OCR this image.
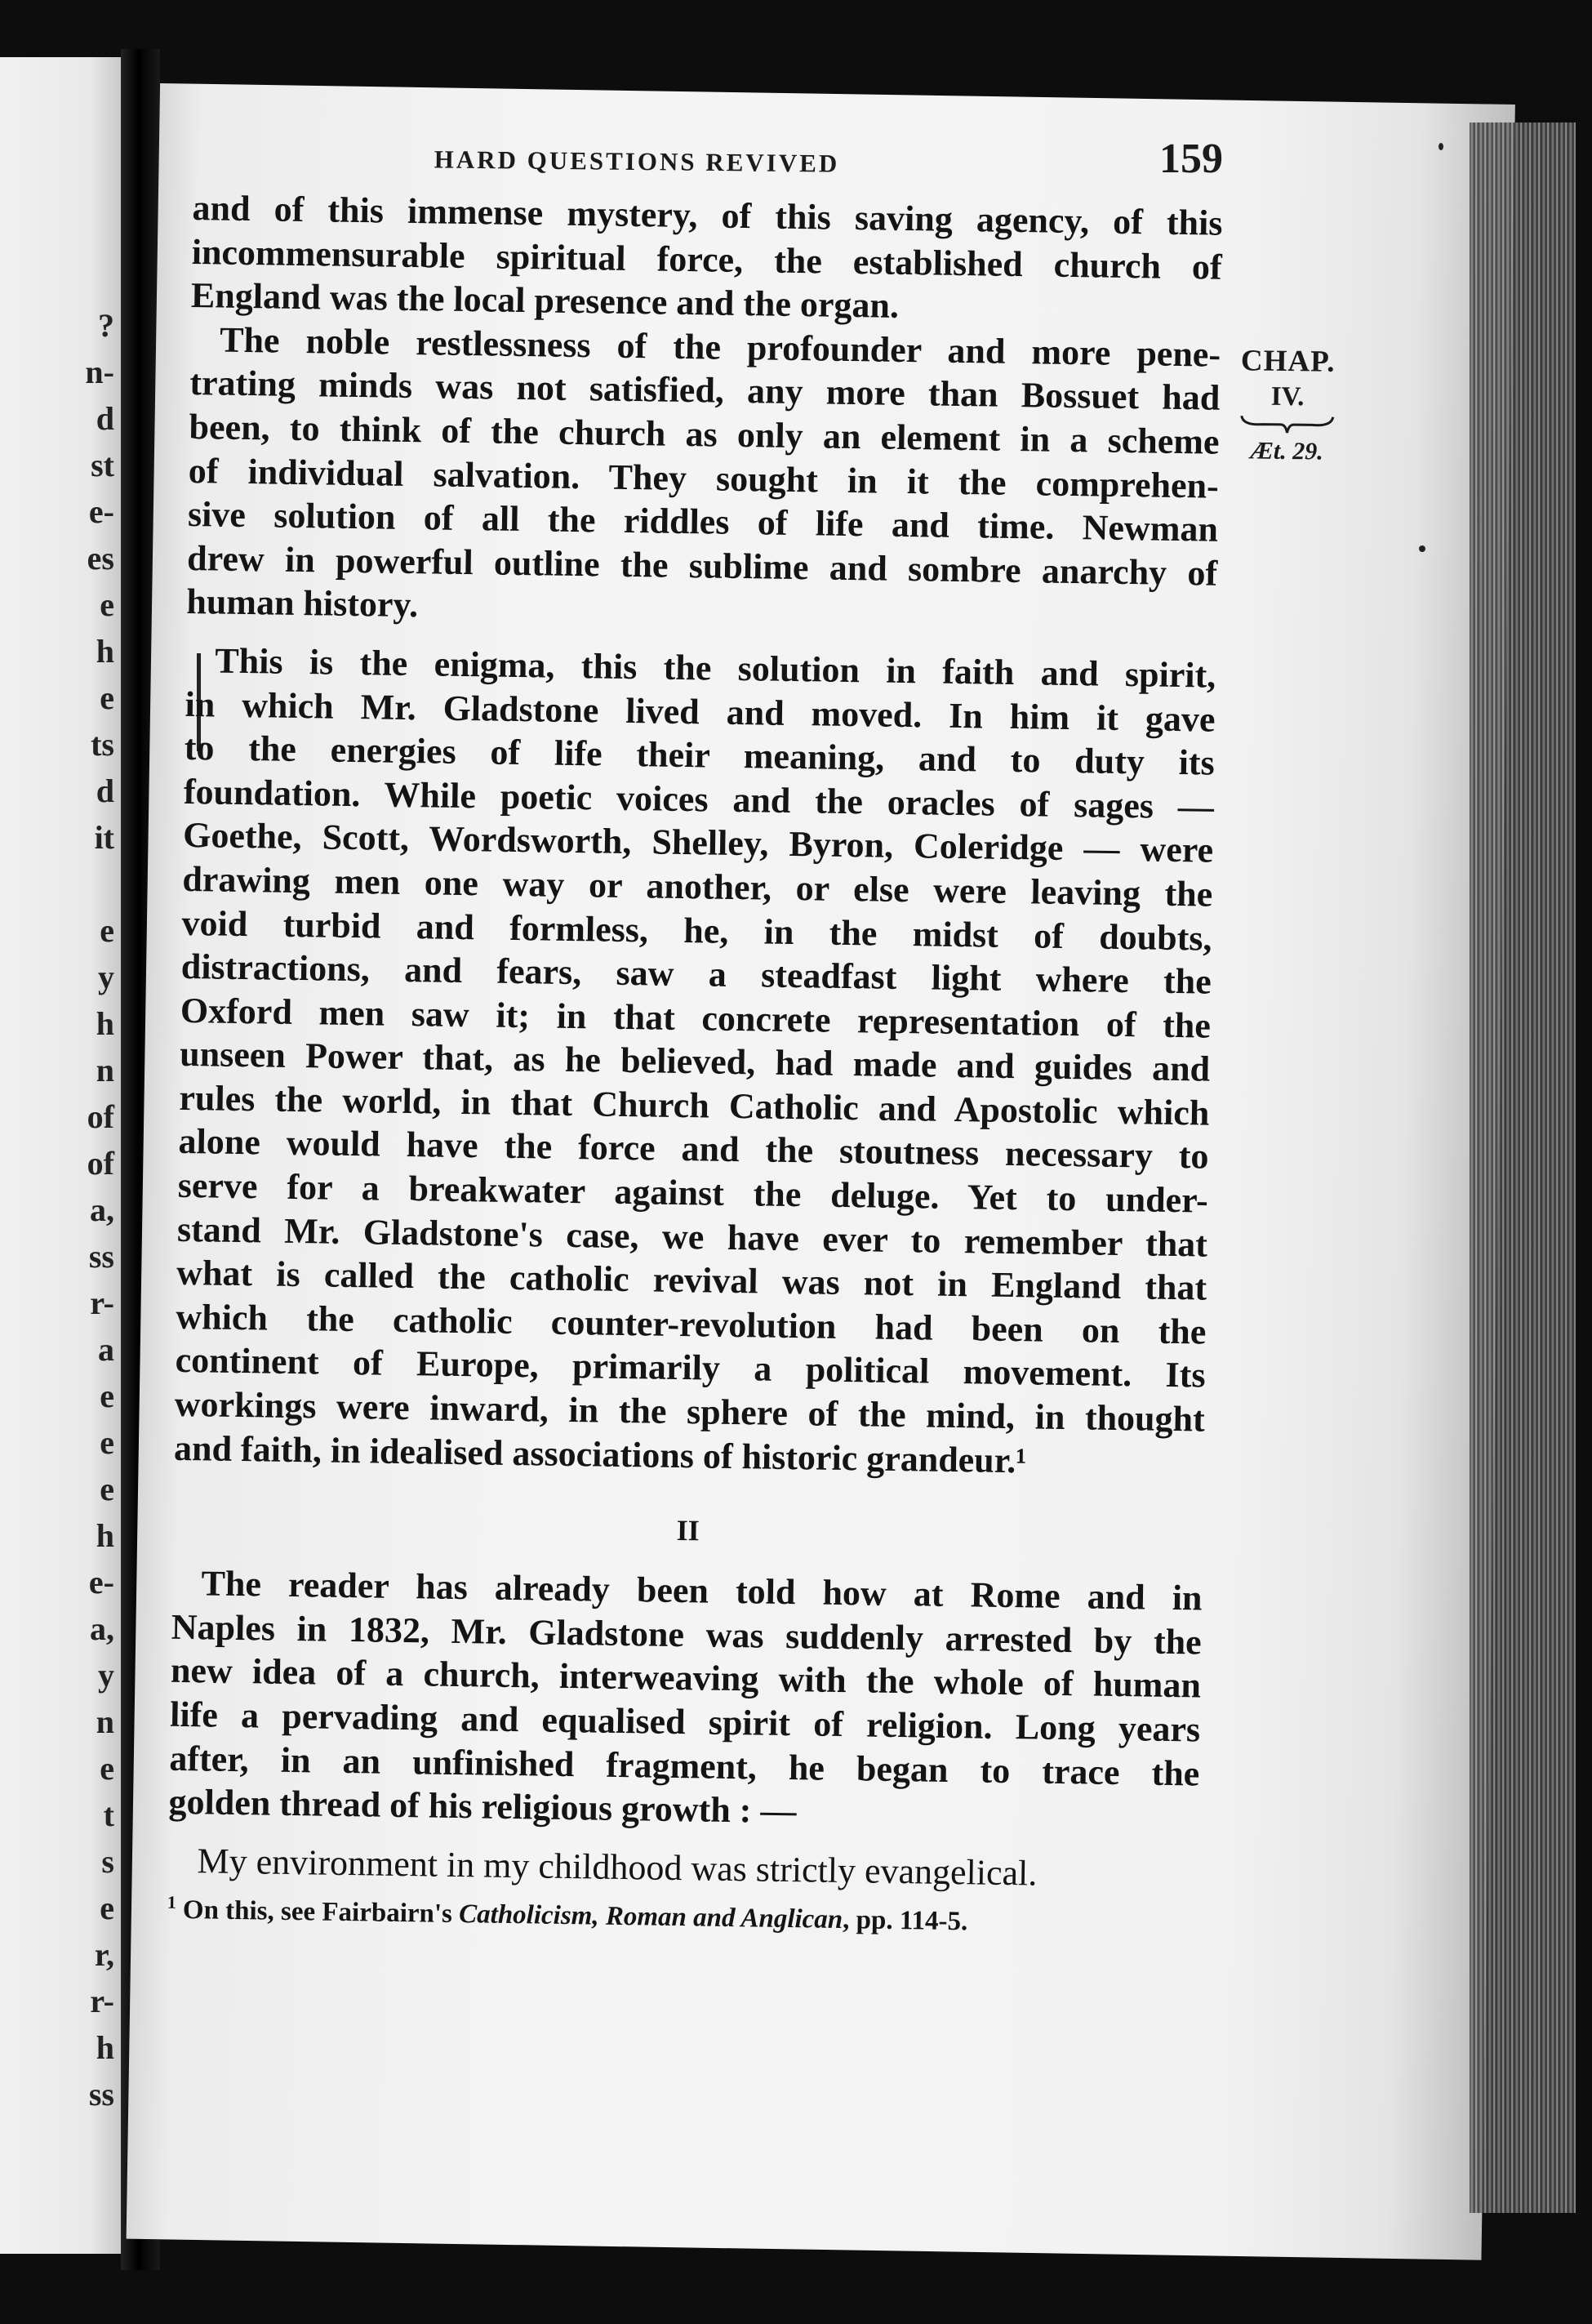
?
n-
d
st
e-
es
e
h
e
ts
d
it
e
y
h
n
of
of
a,
ss
r-
a
e
e
e
h
e-
a,
y
n
e
t
s
e
r,
r-
h
ss
HARD QUESTIONS REVIVED	159
CHAP.
IV.
Æt. 29.
and of this immense mystery, of this saving agency, of this
incommensurable spiritual force, the established church of
England was the local presence and the organ.
The noble restlessness of the profounder and more pene-
trating minds was not satisfied, any more than Bossuet had
been, to think of the church as only an element in a scheme
of individual salvation. They sought in it the comprehen-
sive solution of all the riddles of life and time. Newman
drew in powerful outline the sublime and sombre anarchy of
human history.
This is the enigma, this the solution in faith and spirit,
in which Mr. Gladstone lived and moved. In him it gave
to the energies of life their meaning, and to duty its
foundation. While poetic voices and the oracles of sages —
Goethe, Scott, Wordsworth, Shelley, Byron, Coleridge — were
drawing men one way or another, or else were leaving the
void turbid and formless, he, in the midst of doubts,
distractions, and fears, saw a steadfast light where the
Oxford men saw it; in that concrete representation of the
unseen Power that, as he believed, had made and guides and
rules the world, in that Church Catholic and Apostolic which
alone would have the force and the stoutness necessary to
serve for a breakwater against the deluge. Yet to under-
stand Mr. Gladstone's case, we have ever to remember that
what is called the catholic revival was not in England that
which the catholic counter-revolution had been on the
continent of Europe, primarily a political movement. Its
workings were inward, in the sphere of the mind, in thought
and faith, in idealised associations of historic grandeur.¹
II
The reader has already been told how at Rome and in
Naples in 1832, Mr. Gladstone was suddenly arrested by the
new idea of a church, interweaving with the whole of human
life a pervading and equalised spirit of religion. Long years
after, in an unfinished fragment, he began to trace the
golden thread of his religious growth : —
My environment in my childhood was strictly evangelical.
$^1$ On this, see Fairbairn's Catholicism, Roman and Anglican, pp. 114-5.
